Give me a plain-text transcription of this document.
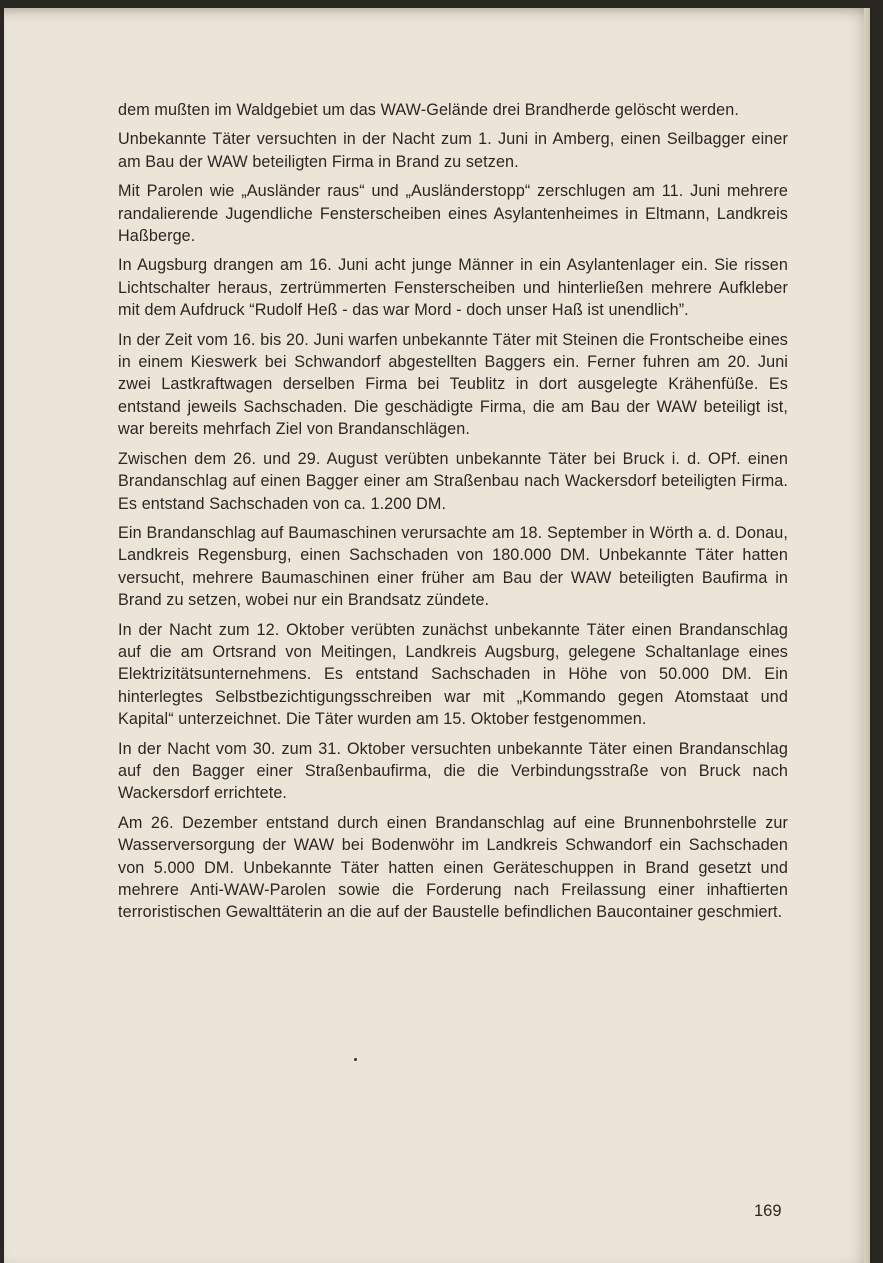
dem mußten im Waldgebiet um das WAW-Gelände drei Brandherde gelöscht werden.

Unbekannte Täter versuchten in der Nacht zum 1. Juni in Amberg, einen Seilbagger einer am Bau der WAW beteiligten Firma in Brand zu setzen.

Mit Parolen wie „Ausländer raus“ und „Ausländerstopp“ zerschlugen am 11. Juni mehrere randalierende Jugendliche Fensterscheiben eines Asylantenheimes in Eltmann, Landkreis Haßberge.

In Augsburg drangen am 16. Juni acht junge Männer in ein Asylantenlager ein. Sie rissen Lichtschalter heraus, zertrümmerten Fensterscheiben und hinterließen mehrere Aufkleber mit dem Aufdruck “Rudolf Heß - das war Mord - doch unser Haß ist unendlich”.

In der Zeit vom 16. bis 20. Juni warfen unbekannte Täter mit Steinen die Frontscheibe eines in einem Kieswerk bei Schwandorf abgestellten Baggers ein. Ferner fuhren am 20. Juni zwei Lastkraftwagen derselben Firma bei Teublitz in dort ausgelegte Krähenfüße. Es entstand jeweils Sachschaden. Die geschädigte Firma, die am Bau der WAW beteiligt ist, war bereits mehrfach Ziel von Brandanschlägen.

Zwischen dem 26. und 29. August verübten unbekannte Täter bei Bruck i. d. OPf. einen Brandanschlag auf einen Bagger einer am Straßenbau nach Wackersdorf beteiligten Firma. Es entstand Sachschaden von ca. 1.200 DM.

Ein Brandanschlag auf Baumaschinen verursachte am 18. September in Wörth a. d. Donau, Landkreis Regensburg, einen Sachschaden von 180.000 DM. Unbekannte Täter hatten versucht, mehrere Baumaschinen einer früher am Bau der WAW beteiligten Baufirma in Brand zu setzen, wobei nur ein Brandsatz zündete.

In der Nacht zum 12. Oktober verübten zunächst unbekannte Täter einen Brandanschlag auf die am Ortsrand von Meitingen, Landkreis Augsburg, gelegene Schaltanlage eines Elektrizitätsunternehmens. Es entstand Sachschaden in Höhe von 50.000 DM. Ein hinterlegtes Selbstbezichtigungsschreiben war mit „Kommando gegen Atomstaat und Kapital“ unterzeichnet. Die Täter wurden am 15. Oktober festgenommen.

In der Nacht vom 30. zum 31. Oktober versuchten unbekannte Täter einen Brandanschlag auf den Bagger einer Straßenbaufirma, die die Verbindungsstraße von Bruck nach Wackersdorf errichtete.

Am 26. Dezember entstand durch einen Brandanschlag auf eine Brunnenbohrstelle zur Wasserversorgung der WAW bei Bodenwöhr im Landkreis Schwandorf ein Sachschaden von 5.000 DM. Unbekannte Täter hatten einen Geräteschuppen in Brand gesetzt und mehrere Anti-WAW-Parolen sowie die Forderung nach Freilassung einer inhaftierten terroristischen Gewalttäterin an die auf der Baustelle befindlichen Baucontainer geschmiert.

169
